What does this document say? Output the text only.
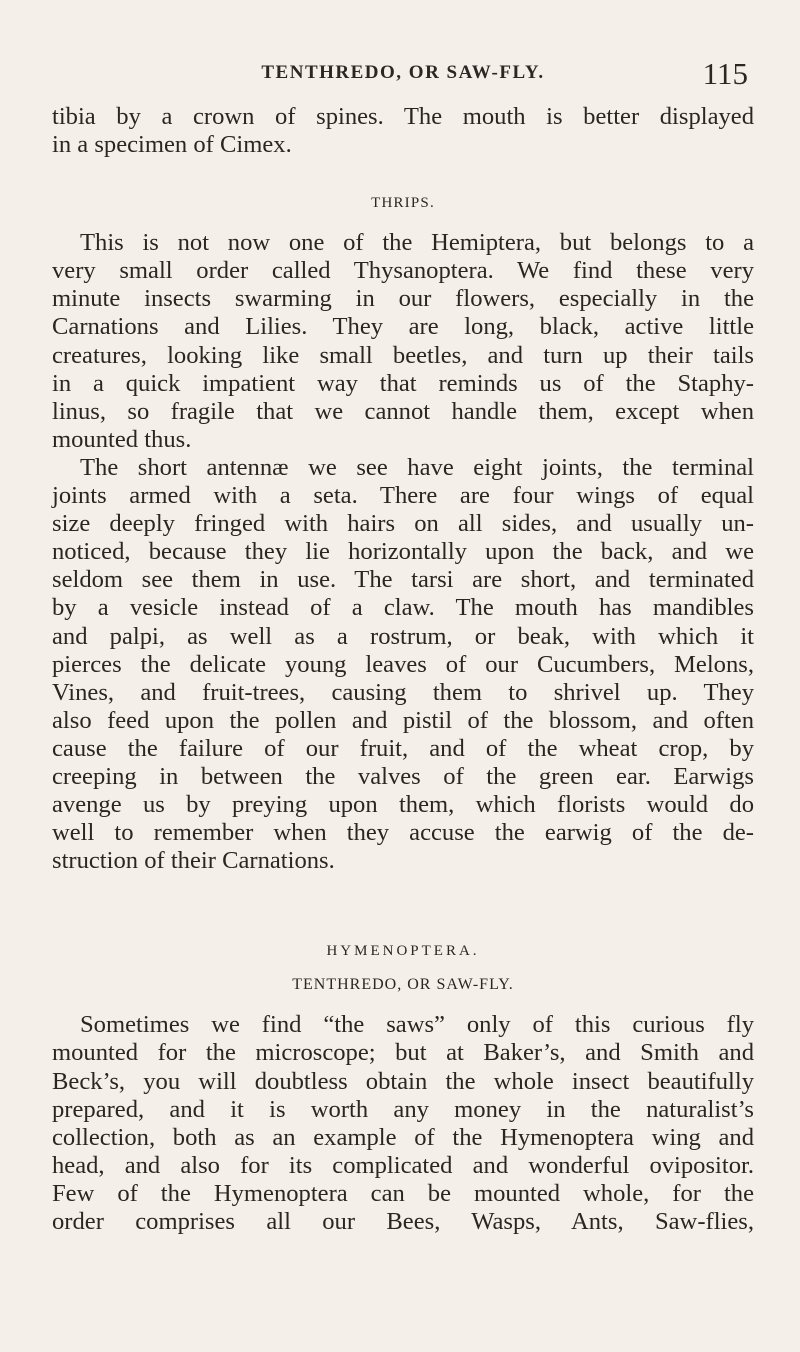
TENTHREDO, OR SAW-FLY.	115

tibia by a crown of spines. The mouth is better displayed
in a specimen of Cimex.

THRIPS.

This is not now one of the Hemiptera, but belongs to a
very small order called Thysanoptera. We find these very
minute insects swarming in our flowers, especially in the
Carnations and Lilies. They are long, black, active little
creatures, looking like small beetles, and turn up their tails
in a quick impatient way that reminds us of the Staphy-
linus, so fragile that we cannot handle them, except when
mounted thus.

The short antennæ we see have eight joints, the terminal
joints armed with a seta. There are four wings of equal
size deeply fringed with hairs on all sides, and usually un-
noticed, because they lie horizontally upon the back, and we
seldom see them in use. The tarsi are short, and terminated
by a vesicle instead of a claw. The mouth has mandibles
and palpi, as well as a rostrum, or beak, with which it
pierces the delicate young leaves of our Cucumbers, Melons,
Vines, and fruit-trees, causing them to shrivel up. They
also feed upon the pollen and pistil of the blossom, and often
cause the failure of our fruit, and of the wheat crop, by
creeping in between the valves of the green ear. Earwigs
avenge us by preying upon them, which florists would do
well to remember when they accuse the earwig of the de-
struction of their Carnations.

HYMENOPTERA.
TENTHREDO, OR SAW-FLY.

Sometimes we find “the saws” only of this curious fly
mounted for the microscope; but at Baker’s, and Smith and
Beck’s, you will doubtless obtain the whole insect beautifully
prepared, and it is worth any money in the naturalist’s
collection, both as an example of the Hymenoptera wing and
head, and also for its complicated and wonderful ovipositor.
Few of the Hymenoptera can be mounted whole, for the
order comprises all our Bees, Wasps, Ants, Saw-flies,
